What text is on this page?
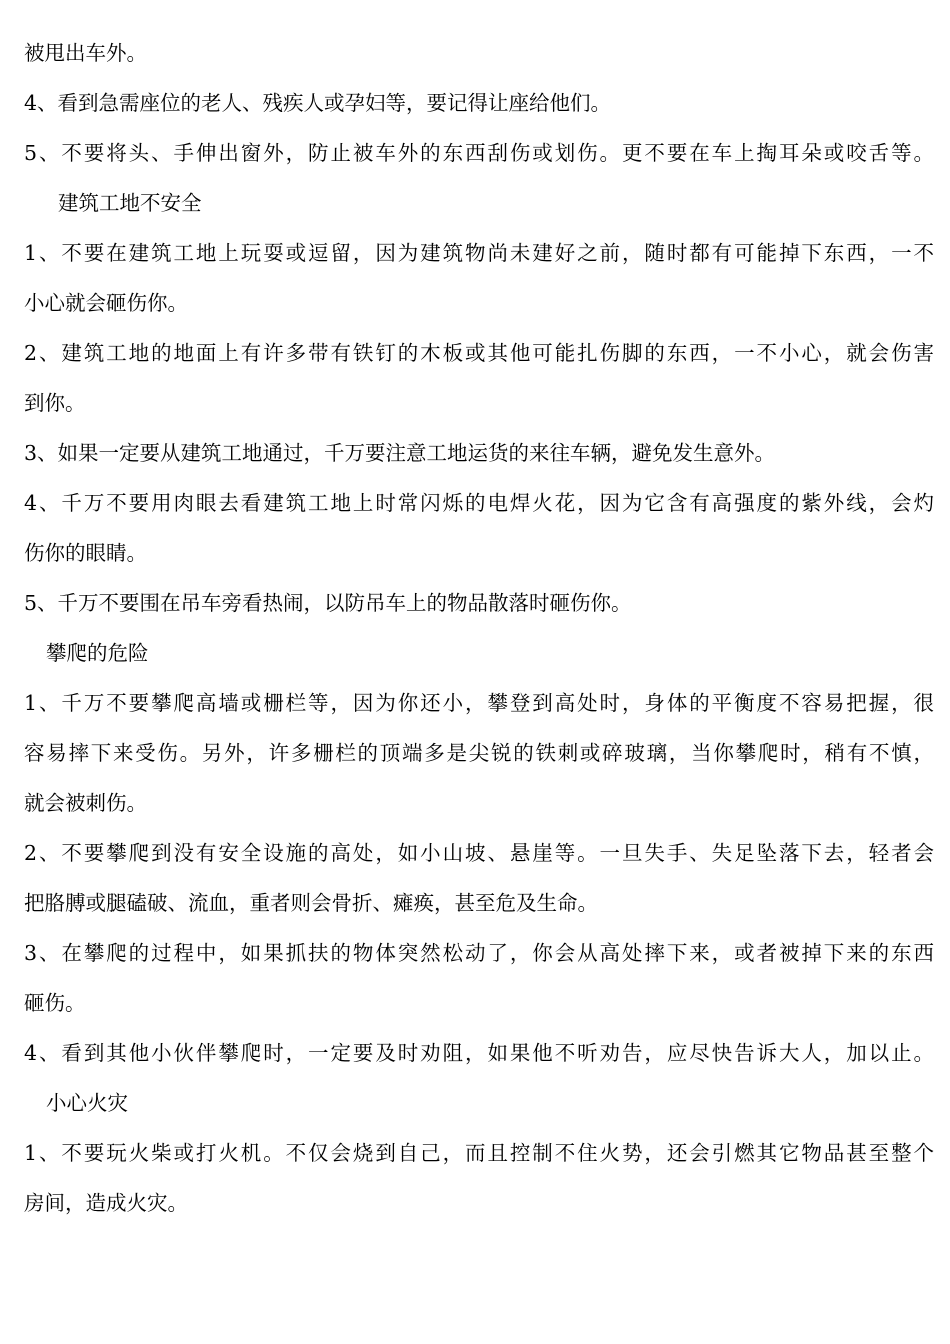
被甩出车外。

4、看到急需座位的老人、残疾人或孕妇等，要记得让座给他们。

5、不要将头、手伸出窗外，防止被车外的东西刮伤或划伤。更不要在车上掏耳朵或咬舌等。

建筑工地不安全

1、不要在建筑工地上玩耍或逗留，因为建筑物尚未建好之前，随时都有可能掉下东西，一不

小心就会砸伤你。

2、建筑工地的地面上有许多带有铁钉的木板或其他可能扎伤脚的东西，一不小心，就会伤害

到你。

3、如果一定要从建筑工地通过，千万要注意工地运货的来往车辆，避免发生意外。

4、千万不要用肉眼去看建筑工地上时常闪烁的电焊火花，因为它含有高强度的紫外线，会灼

伤你的眼睛。

5、千万不要围在吊车旁看热闹，以防吊车上的物品散落时砸伤你。

攀爬的危险

1、千万不要攀爬高墙或栅栏等，因为你还小，攀登到高处时，身体的平衡度不容易把握，很

容易摔下来受伤。另外，许多栅栏的顶端多是尖锐的铁刺或碎玻璃，当你攀爬时，稍有不慎，

就会被刺伤。

2、不要攀爬到没有安全设施的高处，如小山坡、悬崖等。一旦失手、失足坠落下去，轻者会

把胳膊或腿磕破、流血，重者则会骨折、瘫痪，甚至危及生命。

3、在攀爬的过程中，如果抓扶的物体突然松动了，你会从高处摔下来，或者被掉下来的东西

砸伤。

4、看到其他小伙伴攀爬时，一定要及时劝阻，如果他不听劝告，应尽快告诉大人，加以止。

小心火灾

1、不要玩火柴或打火机。不仅会烧到自己，而且控制不住火势，还会引燃其它物品甚至整个

房间，造成火灾。
